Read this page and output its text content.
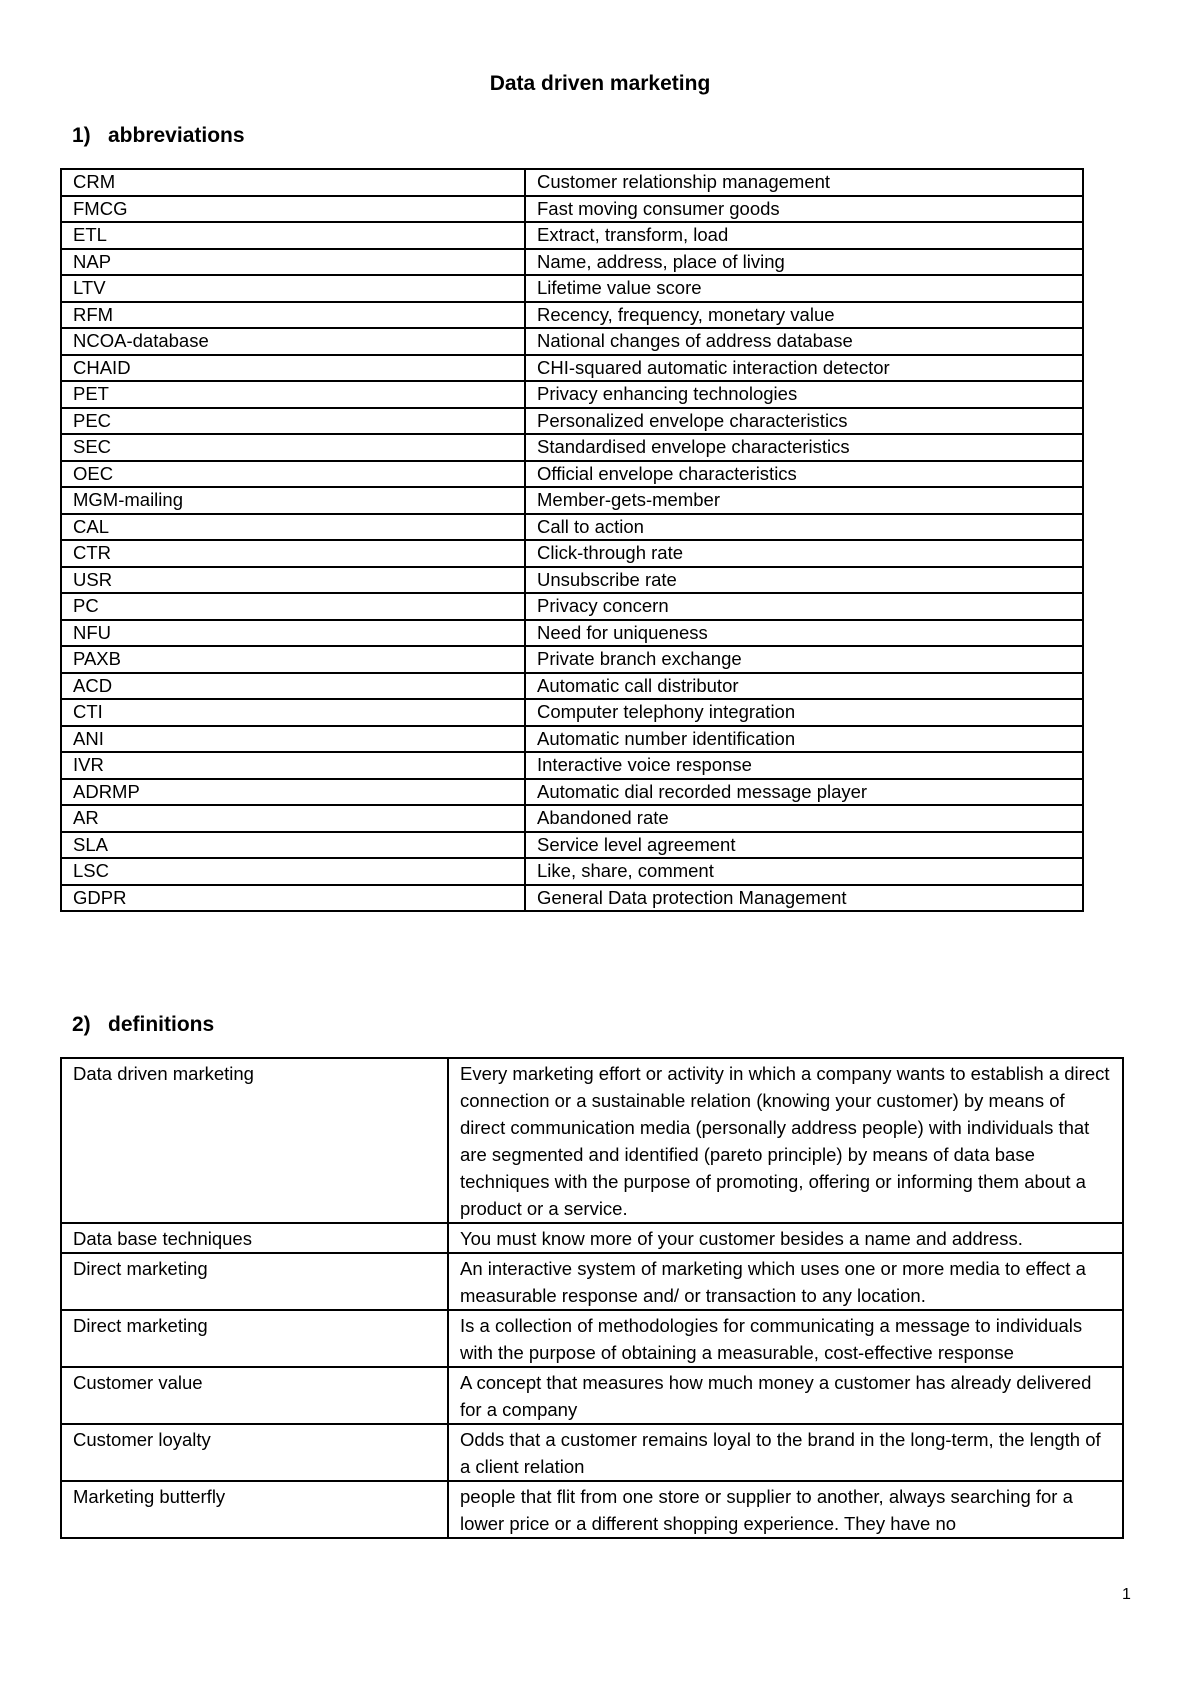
Data driven marketing
1) abbreviations
CRM	Customer relationship management
FMCG	Fast moving consumer goods
ETL	Extract, transform, load
NAP	Name, address, place of living
LTV	Lifetime value score
RFM	Recency, frequency, monetary value
NCOA-database	National changes of address database
CHAID	CHI-squared automatic interaction detector
PET	Privacy enhancing technologies
PEC	Personalized envelope characteristics
SEC	Standardised envelope characteristics
OEC	Official envelope characteristics
MGM-mailing	Member-gets-member
CAL	Call to action
CTR	Click-through rate
USR	Unsubscribe rate
PC	Privacy concern
NFU	Need for uniqueness
PAXB	Private branch exchange
ACD	Automatic call distributor
CTI	Computer telephony integration
ANI	Automatic number identification
IVR	Interactive voice response
ADRMP	Automatic dial recorded message player
AR	Abandoned rate
SLA	Service level agreement
LSC	Like, share, comment
GDPR	General Data protection Management
2) definitions
Data driven marketing	Every marketing effort or activity in which a company wants to establish a direct connection or a sustainable relation (knowing your customer) by means of direct communication media (personally address people) with individuals that are segmented and identified (pareto principle) by means of data base techniques with the purpose of promoting, offering or informing them about a product or a service.
Data base techniques	You must know more of your customer besides a name and address.
Direct marketing	An interactive system of marketing which uses one or more media to effect a measurable response and/ or transaction to any location.
Direct marketing	Is a collection of methodologies for communicating a message to individuals with the purpose of obtaining a measurable, cost-effective response
Customer value	A concept that measures how much money a customer has already delivered for a company
Customer loyalty	Odds that a customer remains loyal to the brand in the long-term, the length of a client relation
Marketing butterfly	people that flit from one store or supplier to another, always searching for a lower price or a different shopping experience. They have no
1
